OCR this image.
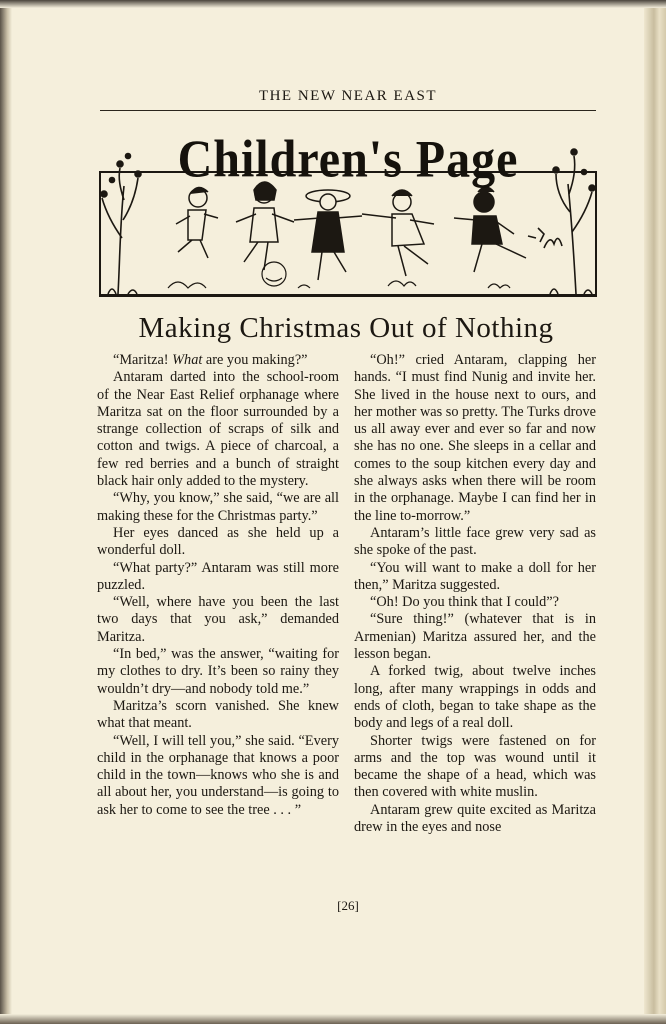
THE NEW NEAR EAST
Children's Page
Making Christmas Out of Nothing

“Maritza! What are you making?”

Antaram darted into the school-room of the Near East Relief orphanage where Maritza sat on the floor surrounded by a strange collection of scraps of silk and cotton and twigs. A piece of charcoal, a few red berries and a bunch of straight black hair only added to the mystery.

“Why, you know,” she said, “we are all making these for the Christmas party.”

Her eyes danced as she held up a wonderful doll.

“What party?” Antaram was still more puzzled.

“Well, where have you been the last two days that you ask,” demanded Maritza.

“In bed,” was the answer, “waiting for my clothes to dry. It’s been so rainy they wouldn’t dry—and nobody told me.”

Maritza’s scorn vanished. She knew what that meant.

“Well, I will tell you,” she said. “Every child in the orphanage that knows a poor child in the town—knows who she is and all about her, you understand—is going to ask her to come to see the tree . . . ”

“Oh!” cried Antaram, clapping her hands. “I must find Nunig and invite her. She lived in the house next to ours, and her mother was so pretty. The Turks drove us all away ever and ever so far and now she has no one. She sleeps in a cellar and comes to the soup kitchen every day and she always asks when there will be room in the orphanage. Maybe I can find her in the line to-morrow.”

Antaram’s little face grew very sad as she spoke of the past.

“You will want to make a doll for her then,” Maritza suggested.

“Oh! Do you think that I could”?

“Sure thing!” (whatever that is in Armenian) Maritza assured her, and the lesson began.

A forked twig, about twelve inches long, after many wrappings in odds and ends of cloth, began to take shape as the body and legs of a real doll.

Shorter twigs were fastened on for arms and the top was wound until it became the shape of a head, which was then covered with white muslin.

Antaram grew quite excited as Maritza drew in the eyes and nose

[26]
